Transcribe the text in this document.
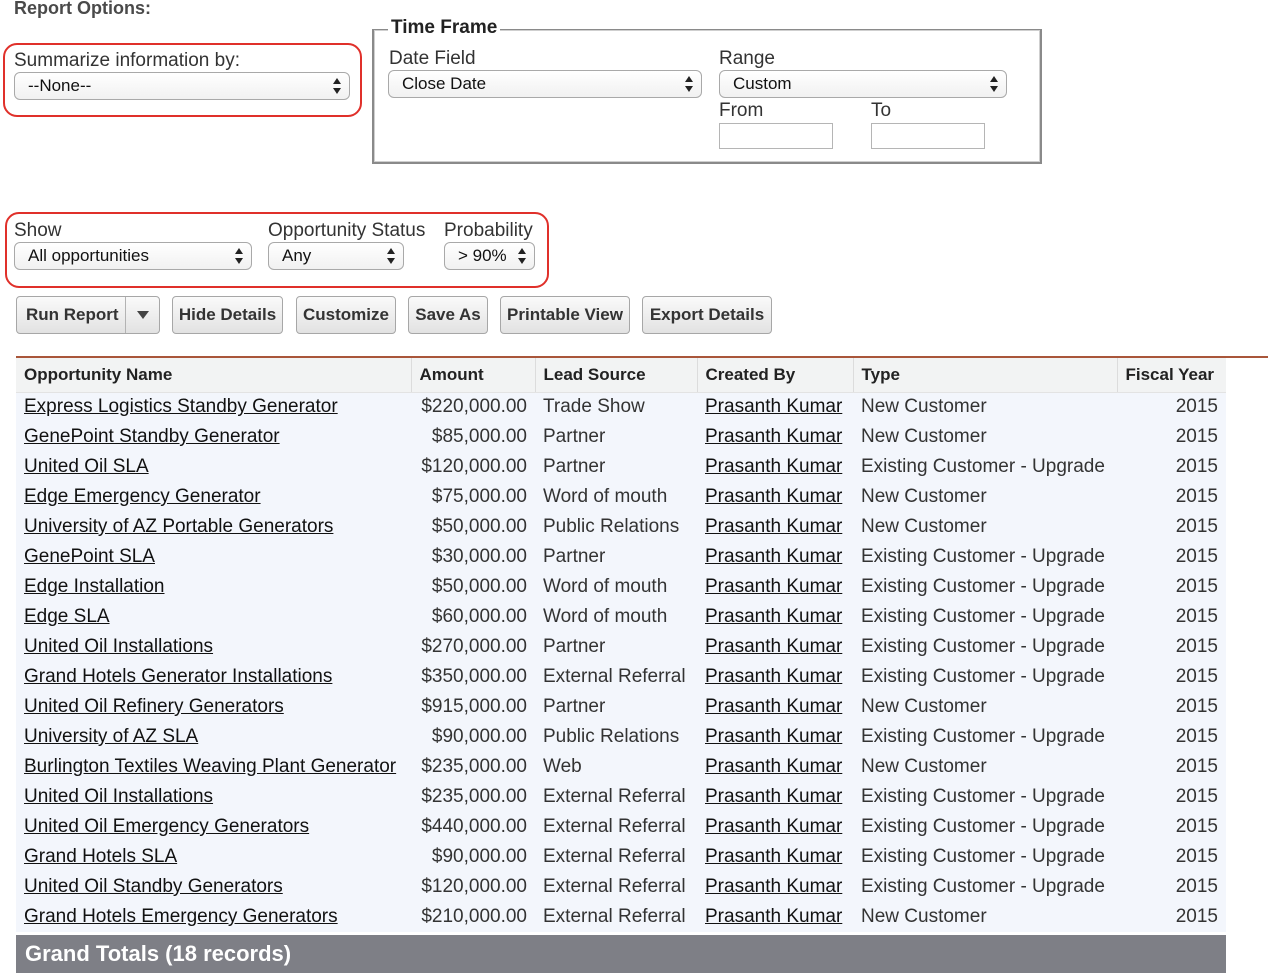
Report Options:
Summarize information by:
--None--
Time Frame
Date Field
Close Date
Range
Custom
From	To
Show
All opportunities
Opportunity Status
Any
Probability
> 90%
Run Report	Hide Details	Customize	Save As	Printable View	Export Details
Opportunity Name	Amount	Lead Source	Created By	Type	Fiscal Year
Express Logistics Standby Generator	$220,000.00	Trade Show	Prasanth Kumar	New Customer	2015
GenePoint Standby Generator	$85,000.00	Partner	Prasanth Kumar	New Customer	2015
United Oil SLA	$120,000.00	Partner	Prasanth Kumar	Existing Customer - Upgrade	2015
Edge Emergency Generator	$75,000.00	Word of mouth	Prasanth Kumar	New Customer	2015
University of AZ Portable Generators	$50,000.00	Public Relations	Prasanth Kumar	New Customer	2015
GenePoint SLA	$30,000.00	Partner	Prasanth Kumar	Existing Customer - Upgrade	2015
Edge Installation	$50,000.00	Word of mouth	Prasanth Kumar	Existing Customer - Upgrade	2015
Edge SLA	$60,000.00	Word of mouth	Prasanth Kumar	Existing Customer - Upgrade	2015
United Oil Installations	$270,000.00	Partner	Prasanth Kumar	Existing Customer - Upgrade	2015
Grand Hotels Generator Installations	$350,000.00	External Referral	Prasanth Kumar	Existing Customer - Upgrade	2015
United Oil Refinery Generators	$915,000.00	Partner	Prasanth Kumar	New Customer	2015
University of AZ SLA	$90,000.00	Public Relations	Prasanth Kumar	Existing Customer - Upgrade	2015
Burlington Textiles Weaving Plant Generator	$235,000.00	Web	Prasanth Kumar	New Customer	2015
United Oil Installations	$235,000.00	External Referral	Prasanth Kumar	Existing Customer - Upgrade	2015
United Oil Emergency Generators	$440,000.00	External Referral	Prasanth Kumar	Existing Customer - Upgrade	2015
Grand Hotels SLA	$90,000.00	External Referral	Prasanth Kumar	Existing Customer - Upgrade	2015
United Oil Standby Generators	$120,000.00	External Referral	Prasanth Kumar	Existing Customer - Upgrade	2015
Grand Hotels Emergency Generators	$210,000.00	External Referral	Prasanth Kumar	New Customer	2015
Grand Totals (18 records)
